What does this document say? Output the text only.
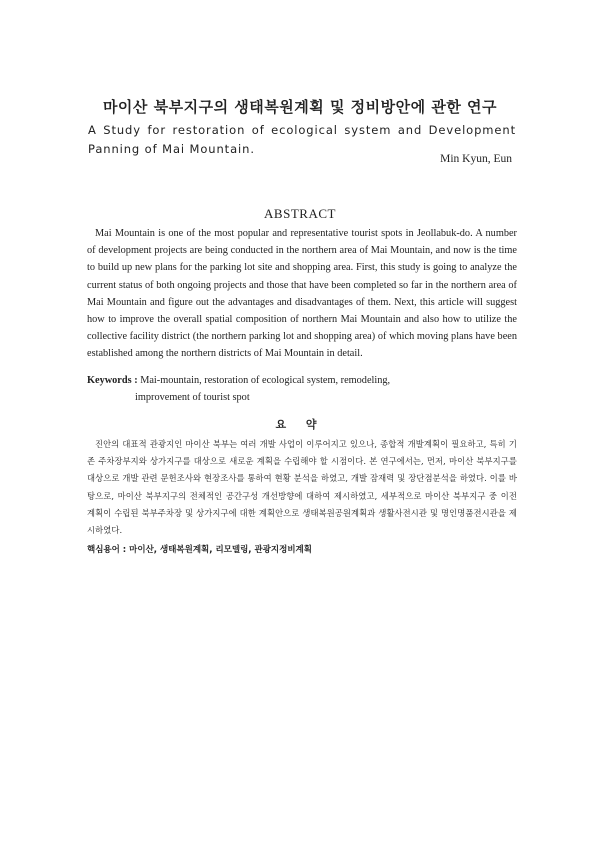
마이산 북부지구의 생태복원계획 및 정비방안에 관한 연구
A Study for restoration of ecological system and Development Panning of Mai Mountain.
Min Kyun, Eun
ABSTRACT
Mai Mountain is one of the most popular and representative tourist spots in Jeollabuk-do. A number of development projects are being conducted in the northern area of Mai Mountain, and now is the time to build up new plans for the parking lot site and shopping area. First, this study is going to analyze the current status of both ongoing projects and those that have been completed so far in the northern area of Mai Mountain and figure out the advantages and disadvantages of them. Next, this article will suggest how to improve the overall spatial composition of northern Mai Mountain and also how to utilize the collective facility district (the northern parking lot and shopping area) of which moving plans have been established among the northern districts of Mai Mountain in detail.
Keywords : Mai-mountain, restoration of ecological system, remodeling,
improvement of tourist spot
요 약
진안의 대표적 관광지인 마이산 북부는 여러 개발 사업이 이루어지고 있으나, 종합적 개발계획이 필요하고, 특히 기존 주차장부지와 상가지구를 대상으로 새로운 계획을 수립해야 할 시점이다. 본 연구에서는, 먼저, 마이산 북부지구를 대상으로 개발 관련 문헌조사와 현장조사를 통하여 현황 분석을 하였고, 개발 잠재력 및 장단점분석을 하였다. 이를 바탕으로, 마이산 북부지구의 전체적인 공간구성 개선방향에 대하여 제시하였고, 세부적으로 마이산 북부지구 중 이전 계획이 수립된 북부주차장 및 상가지구에 대한 계획안으로 생태복원공원계획과 생활사전시관 및 명인명품전시관을 제시하였다.
핵심용어 : 마이산, 생태복원계획, 리모델링, 관광지정비계획
